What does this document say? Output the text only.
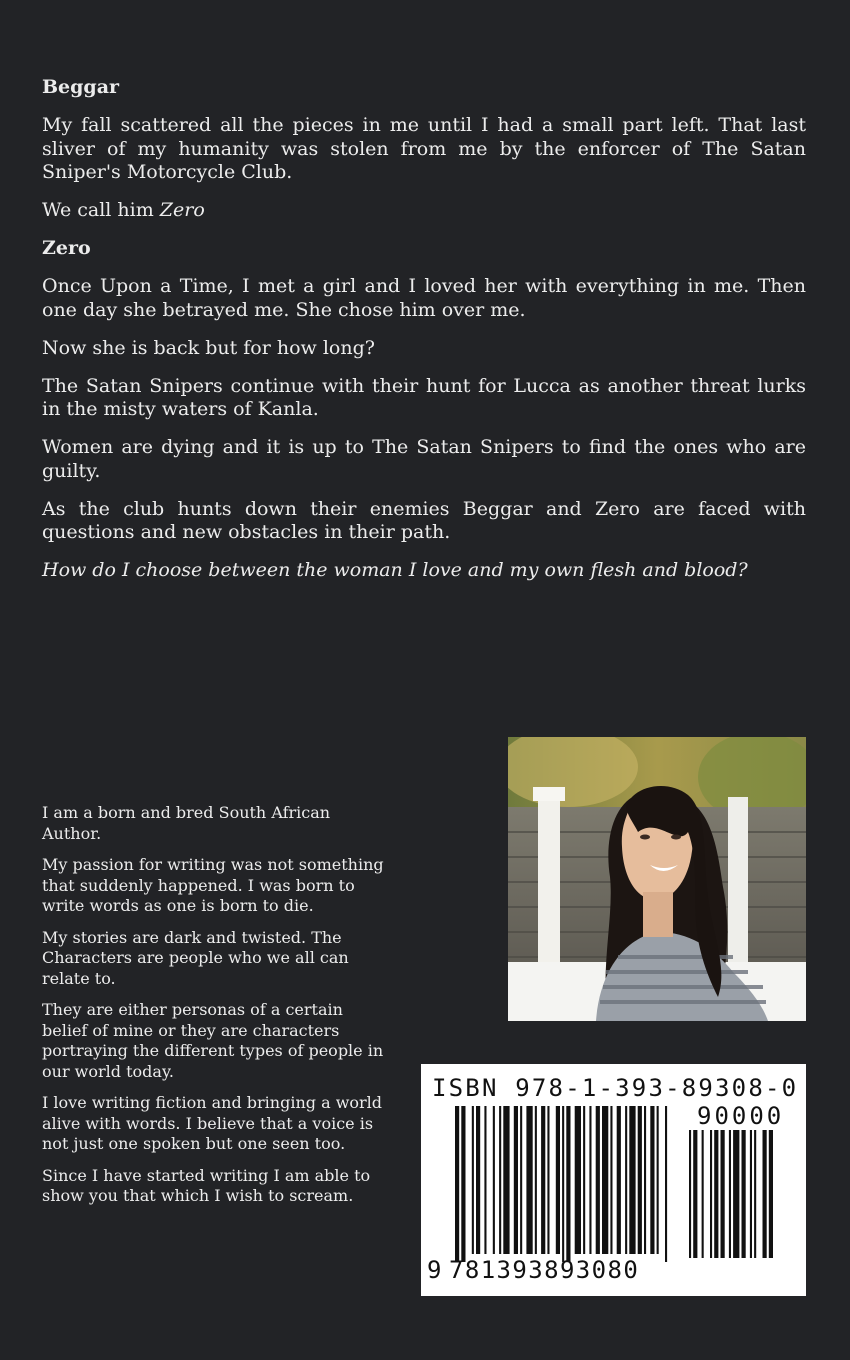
Beggar

My fall scattered all the pieces in me until I had a small part left. That last sliver of my humanity was stolen from me by the enforcer of The Satan Sniper's Motorcycle Club.

We call him Zero

Zero

Once Upon a Time, I met a girl and I loved her with everything in me. Then one day she betrayed me. She chose him over me.

Now she is back but for how long?

The Satan Snipers continue with their hunt for Lucca as another threat lurks in the misty waters of Kanla.

Women are dying and it is up to The Satan Snipers to find the ones who are guilty.

As the club hunts down their enemies Beggar and Zero are faced with questions and new obstacles in their path.

How do I choose between the woman I love and my own flesh and blood?

I am a born and bred South African Author.

My passion for writing was not something that suddenly happened. I was born to write words as one is born to die.

My stories are dark and twisted. The Characters are people who we all can relate to.

They are either personas of a certain belief of mine or they are characters portraying the different types of people in our world today.

I love writing fiction and bringing a world alive with words. I believe that a voice is not just one spoken but one seen too.

Since I have started writing I am able to show you that which I wish to scream.

ISBN 978-1-393-89308-0
90000
9 781393893080
